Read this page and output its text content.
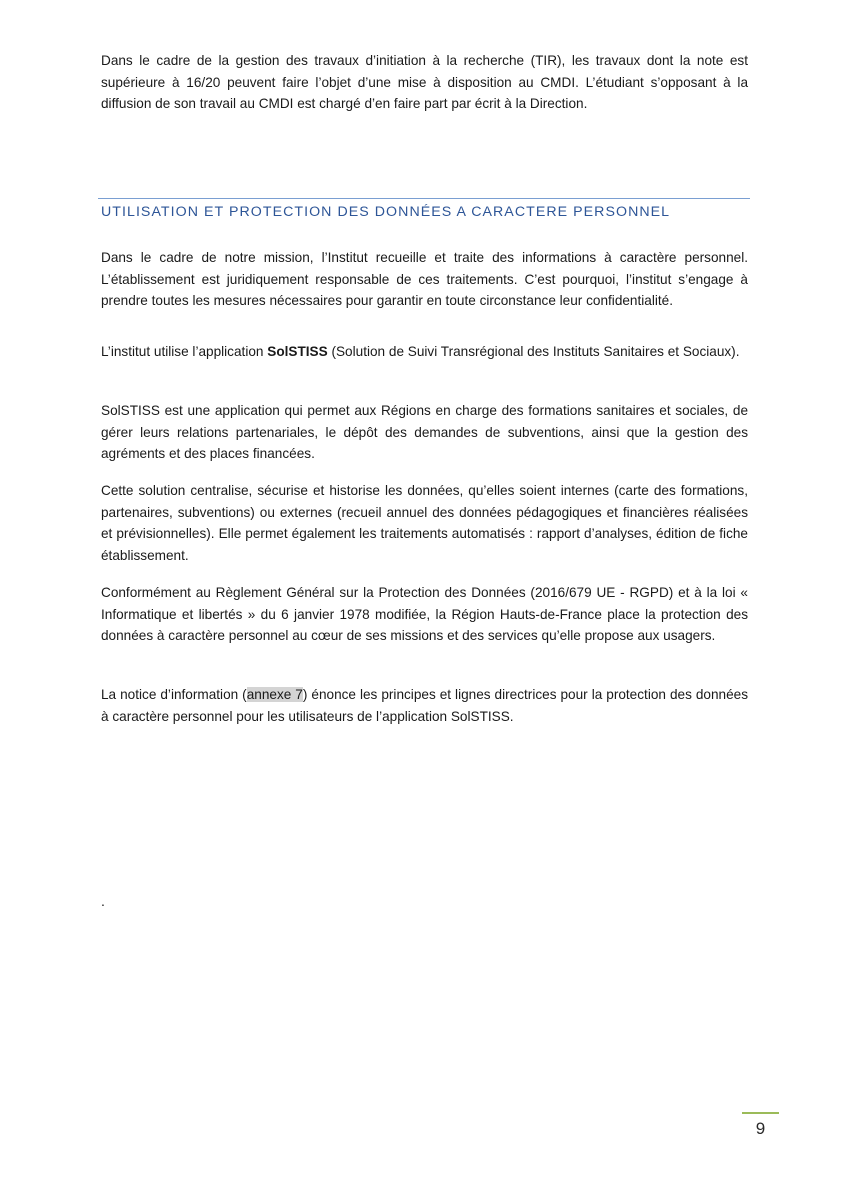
Dans le cadre de la gestion des travaux d’initiation à la recherche (TIR), les travaux dont la note est supérieure à 16/20 peuvent faire l’objet d’une mise à disposition au CMDI. L’étudiant s’opposant à la diffusion de son travail au CMDI est chargé d’en faire part par écrit à la Direction.

UTILISATION ET PROTECTION DES DONNÉES A CARACTERE PERSONNEL

Dans le cadre de notre mission, l’Institut recueille et traite des informations à caractère personnel. L’établissement est juridiquement responsable de ces traitements. C’est pourquoi, l’institut s’engage à prendre toutes les mesures nécessaires pour garantir en toute circonstance leur confidentialité.

L’institut utilise l’application SolSTISS (Solution de Suivi Transrégional des Instituts Sanitaires et Sociaux).

SolSTISS est une application qui permet aux Régions en charge des formations sanitaires et sociales, de gérer leurs relations partenariales, le dépôt des demandes de subventions, ainsi que la gestion des agréments et des places financées.

Cette solution centralise, sécurise et historise les données, qu’elles soient internes (carte des formations, partenaires, subventions) ou externes (recueil annuel des données pédagogiques et financières réalisées et prévisionnelles). Elle permet également les traitements automatisés : rapport d’analyses, édition de fiche établissement.

Conformément au Règlement Général sur la Protection des Données (2016/679 UE - RGPD) et à la loi « Informatique et libertés » du 6 janvier 1978 modifiée, la Région Hauts-de-France place la protection des données à caractère personnel au cœur de ses missions et des services qu’elle propose aux usagers.

La notice d’information (annexe 7) énonce les principes et lignes directrices pour la protection des données à caractère personnel pour les utilisateurs de l’application SolSTISS.

.
9
